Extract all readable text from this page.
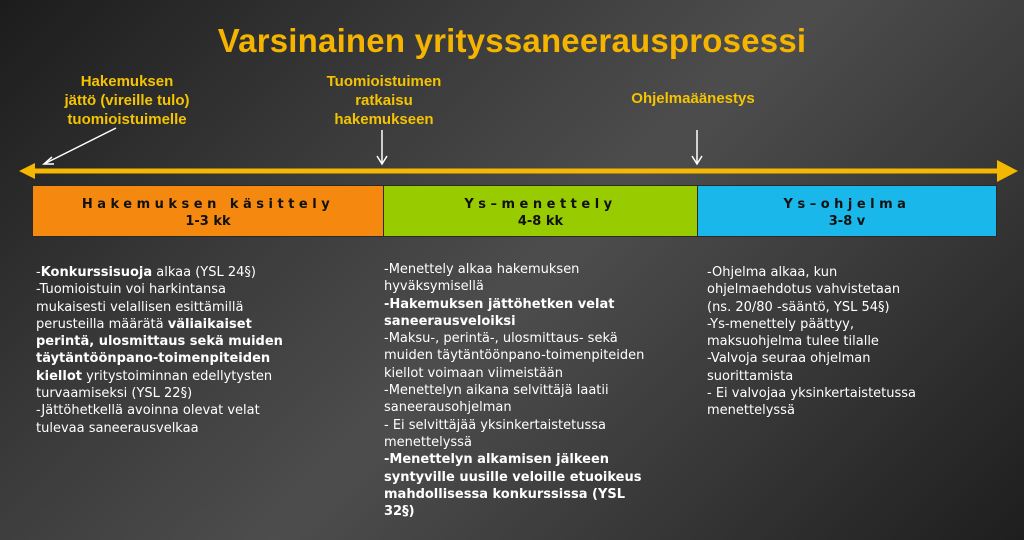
Varsinainen yrityssaneerausprosessi
Hakemuksen
jättö (vireille tulo)
tuomioistuimelle
Tuomioistuimen
ratkaisu
hakemukseen
Ohjelmaäänestys
Hakemuksen käsittely
1-3 kk
Ys–menettely
4-8 kk
Ys–ohjelma
3-8 v

-Konkurssisuoja alkaa (YSL 24§)

-Tuomioistuin voi harkintansa

mukaisesti velallisen esittämillä

perusteilla määrätä väliaikaiset

perintä, ulosmittaus sekä muiden

täytäntöönpano-toimenpiteiden

kiellot yritystoiminnan edellytysten

turvaamiseksi (YSL 22§)

-Jättöhetkellä avoinna olevat velat

tulevaa saneerausvelkaa

-Menettely alkaa hakemuksen

hyväksymisellä

-Hakemuksen jättöhetken velat

saneerausveloiksi

-Maksu-, perintä-, ulosmittaus- sekä

muiden täytäntöönpano-toimenpiteiden

kiellot voimaan viimeistään

-Menettelyn aikana selvittäjä laatii

saneerausohjelman

- Ei selvittäjää yksinkertaistetussa

menettelyssä

-Menettelyn alkamisen jälkeen

syntyville uusille veloille etuoikeus

mahdollisessa konkurssissa (YSL

32§)

-Ohjelma alkaa, kun

ohjelmaehdotus vahvistetaan

(ns. 20/80 -sääntö, YSL 54§)

-Ys-menettely päättyy,

maksuohjelma tulee tilalle

-Valvoja seuraa ohjelman

suorittamista

- Ei valvojaa yksinkertaistetussa

menettelyssä
